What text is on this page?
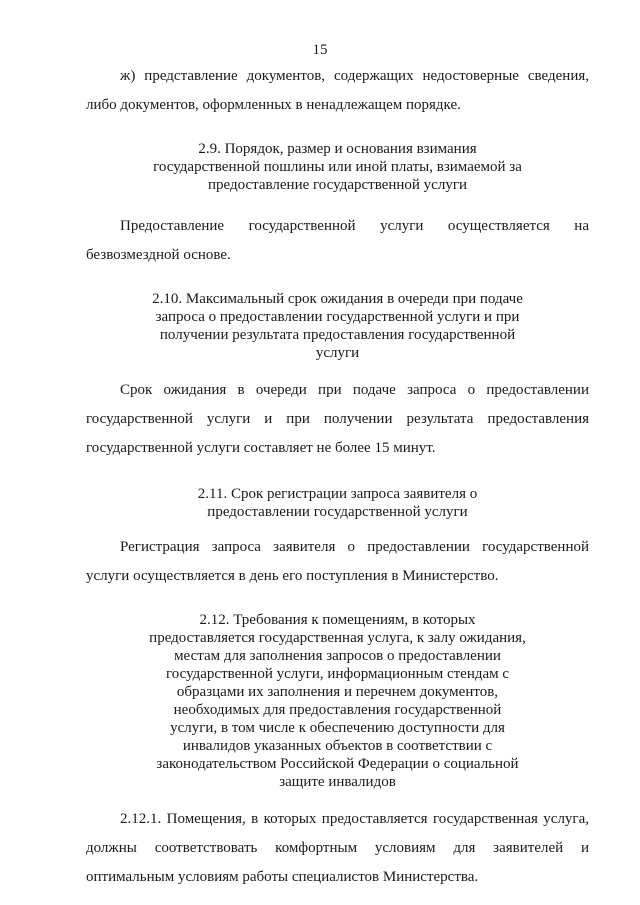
15

ж) представление документов, содержащих недостоверные сведения, либо документов, оформленных в ненадлежащем порядке.

2.9. Порядок, размер и основания взимания
государственной пошлины или иной платы, взимаемой за
предоставление государственной услуги

Предоставление государственной услуги осуществляется на безвозмездной основе.

2.10. Максимальный срок ожидания в очереди при подаче
запроса о предоставлении государственной услуги и при
получении результата предоставления государственной
услуги

Срок ожидания в очереди при подаче запроса о предоставлении государственной услуги и при получении результата предоставления государственной услуги составляет не более 15 минут.

2.11. Срок регистрации запроса заявителя о
предоставлении государственной услуги

Регистрация запроса заявителя о предоставлении государственной услуги осуществляется в день его поступления в Министерство.

2.12. Требования к помещениям, в которых
предоставляется государственная услуга, к залу ожидания,
местам для заполнения запросов о предоставлении
государственной услуги, информационным стендам с
образцами их заполнения и перечнем документов,
необходимых для предоставления государственной
услуги, в том числе к обеспечению доступности для
инвалидов указанных объектов в соответствии с
законодательством Российской Федерации о социальной
защите инвалидов

2.12.1. Помещения, в которых предоставляется государственная услуга, должны соответствовать комфортным условиям для заявителей и оптимальным условиям работы специалистов Министерства.
